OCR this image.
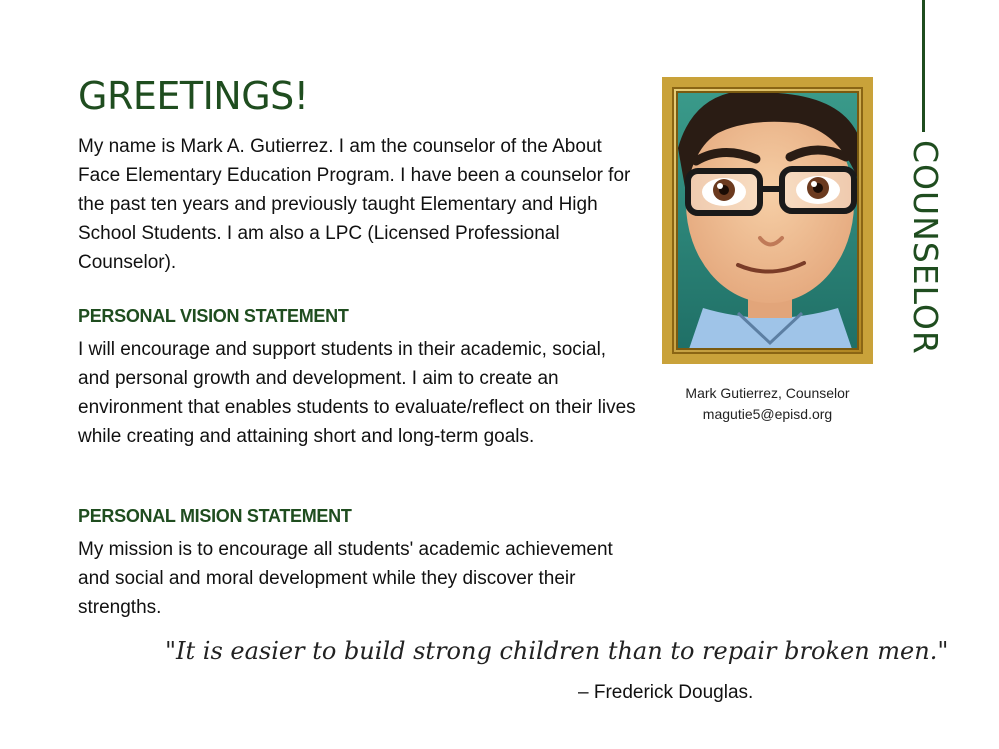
COUNSELOR
GREETINGS!

My name is Mark A. Gutierrez. I am the counselor of the About Face Elementary Education Program. I have been a counselor for the past ten years and previously taught Elementary and High School Students. I am also a LPC (Licensed Professional Counselor).

PERSONAL VISION STATEMENT

I will encourage and support students in their academic, social, and personal growth and development. I aim to create an environment that enables students to evaluate/reflect on their lives while creating and attaining short and long-term goals.

PERSONAL MISION STATEMENT

My mission is to encourage all students' academic achievement and social and moral development while they discover their strengths.

Mark Gutierrez, Counselor
magutie5@episd.org
"It is easier to build strong children than to repair broken men."
– Frederick Douglas.
